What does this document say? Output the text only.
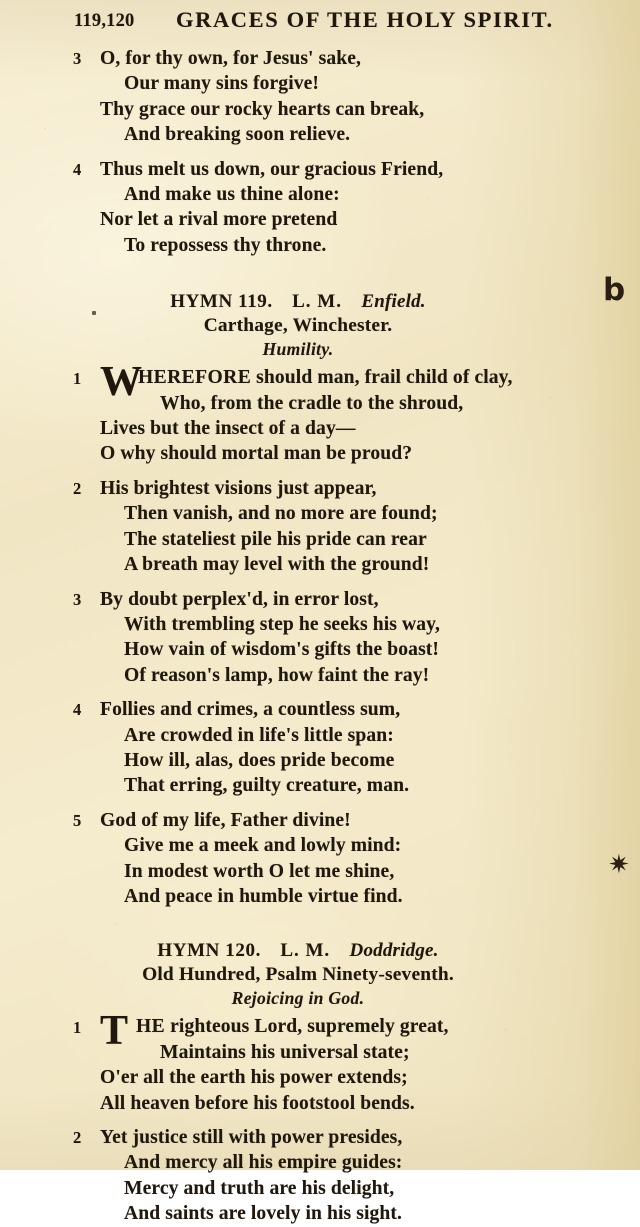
119,120 GRACES OF THE HOLY SPIRIT.
b
✷
3 O, for thy own, for Jesus' sake,
Our many sins forgive!
Thy grace our rocky hearts can break,
And breaking soon relieve.
4 Thus melt us down, our gracious Friend,
And make us thine alone:
Nor let a rival more pretend
To repossess thy throne.
HYMN 119. L. M. Enfield.
Carthage, Winchester.
Humility.
1 W
HEREFORE should man, frail child of clay,
Who, from the cradle to the shroud,
Lives but the insect of a day—
O why should mortal man be proud?
2 His brightest visions just appear,
Then vanish, and no more are found;
The stateliest pile his pride can rear
A breath may level with the ground!
3 By doubt perplex'd, in error lost,
With trembling step he seeks his way,
How vain of wisdom's gifts the boast!
Of reason's lamp, how faint the ray!
4 Follies and crimes, a countless sum,
Are crowded in life's little span:
How ill, alas, does pride become
That erring, guilty creature, man.
5 God of my life, Father divine!
Give me a meek and lowly mind:
In modest worth O let me shine,
And peace in humble virtue find.
HYMN 120. L. M. Doddridge.
Old Hundred, Psalm Ninety-seventh.
Rejoicing in God.
1 T HE righteous Lord, supremely great,
Maintains his universal state;
O'er all the earth his power extends;
All heaven before his footstool bends.
2 Yet justice still with power presides,
And mercy all his empire guides:
Mercy and truth are his delight,
And saints are lovely in his sight.
